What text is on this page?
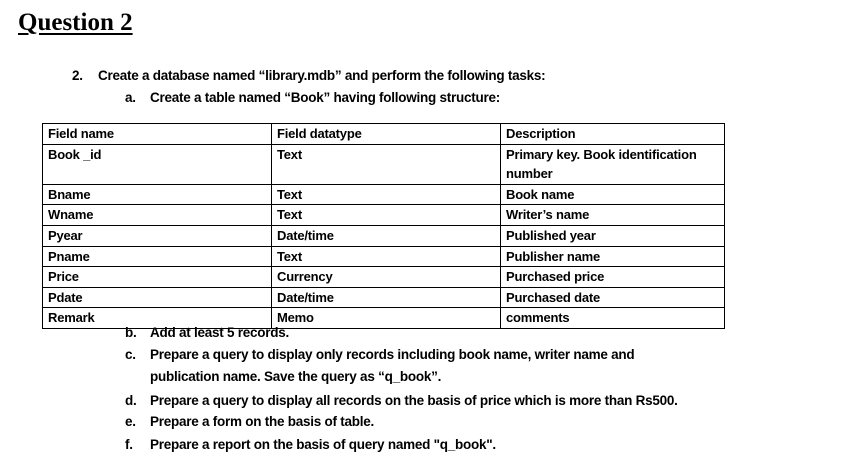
Question 2
2. Create a database named “library.mdb” and perform the following tasks:
a. Create a table named “Book” having following structure:
Field name	Field datatype	Description
Book _id	Text	Primary key. Book identification
		number
Bname	Text	Book name
Wname	Text	Writer’s name
Pyear	Date/time	Published year
Pname	Text	Publisher name
Price	Currency	Purchased price
Pdate	Date/time	Purchased date
Remark	Memo	comments
b. Add at least 5 records.
c. Prepare a query to display only records including book name, writer name and
publication name. Save the query as “q_book”.
d. Prepare a query to display all records on the basis of price which is more than Rs500.
e. Prepare a form on the basis of table.
f. Prepare a report on the basis of query named "q_book".
